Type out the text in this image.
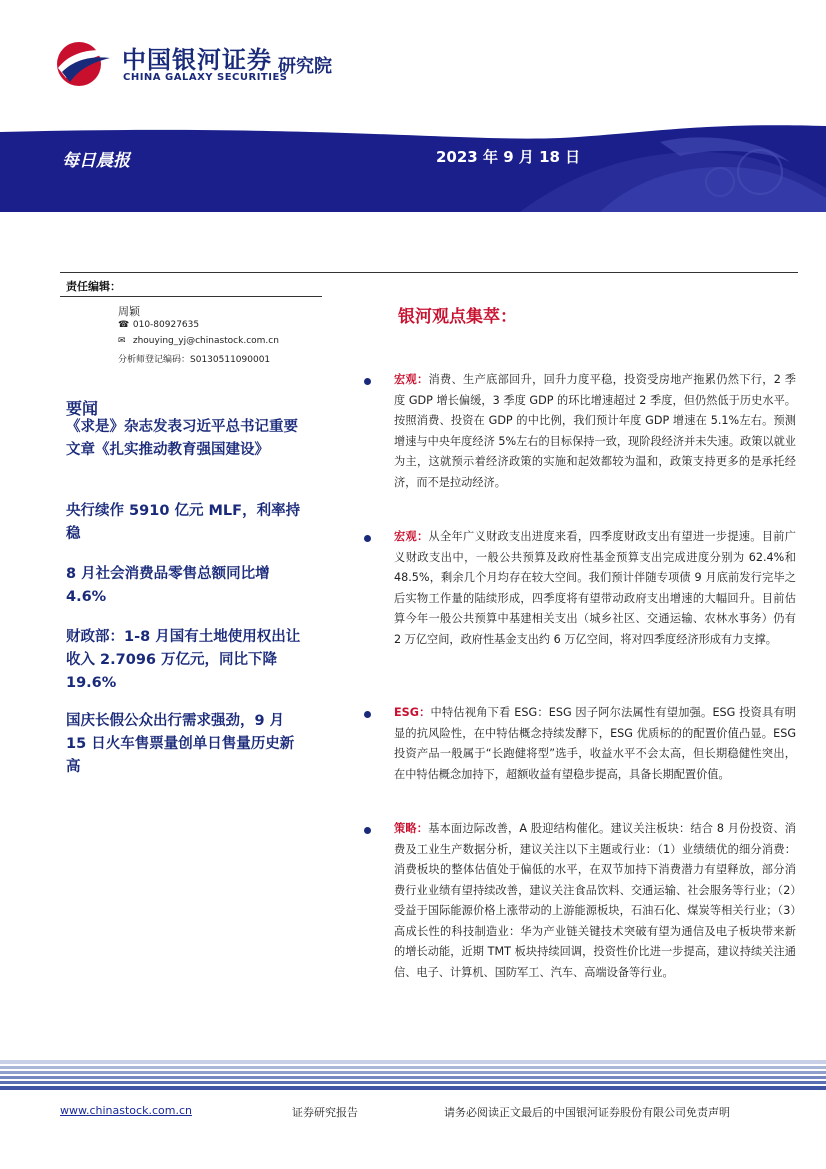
中国银河证券
CHINA GALAXY SECURITIES
研究院
每日晨报	2023 年 9 月 18 日
责任编辑：
周颖
☎ 010-80927635
✉ zhouying_yj@chinastock.com.cn
分析师登记编码：S0130511090001
要闻
《求是》杂志发表习近平总书记重要文章《扎实推动教育强国建设》
央行续作 5910 亿元 MLF，利率持稳
8 月社会消费品零售总额同比增 4.6%
财政部：1-8 月国有土地使用权出让收入 2.7096 万亿元，同比下降 19.6%
国庆长假公众出行需求强劲，9 月 15 日火车售票量创单日售量历史新高
银河观点集萃：
宏观：消费、生产底部回升，回升力度平稳，投资受房地产拖累仍然下行，2 季度 GDP 增长偏缓，3 季度 GDP 的环比增速超过 2 季度，但仍然低于历史水平。按照消费、投资在 GDP 的中比例，我们预计年度 GDP 增速在 5.1%左右。预测增速与中央年度经济 5%左右的目标保持一致，现阶段经济并未失速。政策以就业为主，这就预示着经济政策的实施和起效都较为温和，政策支持更多的是承托经济，而不是拉动经济。
宏观：从全年广义财政支出进度来看，四季度财政支出有望进一步提速。目前广义财政支出中，一般公共预算及政府性基金预算支出完成进度分别为 62.4%和 48.5%，剩余几个月均存在较大空间。我们预计伴随专项债 9 月底前发行完毕之后实物工作量的陆续形成，四季度将有望带动政府支出增速的大幅回升。目前估算今年一般公共预算中基建相关支出（城乡社区、交通运输、农林水事务）仍有 2 万亿空间，政府性基金支出约 6 万亿空间，将对四季度经济形成有力支撑。
ESG：中特估视角下看 ESG：ESG 因子阿尔法属性有望加强。ESG 投资具有明显的抗风险性，在中特估概念持续发酵下，ESG 优质标的的配置价值凸显。ESG 投资产品一般属于“长跑健将型”选手，收益水平不会太高，但长期稳健性突出，在中特估概念加持下，超额收益有望稳步提高，具备长期配置价值。
策略：基本面边际改善，A 股迎结构催化。建议关注板块：结合 8 月份投资、消费及工业生产数据分析，建议关注以下主题或行业：（1）业绩绩优的细分消费：消费板块的整体估值处于偏低的水平，在双节加持下消费潜力有望释放，部分消费行业业绩有望持续改善，建议关注食品饮料、交通运输、社会服务等行业；（2）受益于国际能源价格上涨带动的上游能源板块，石油石化、煤炭等相关行业；（3）高成长性的科技制造业：华为产业链关键技术突破有望为通信及电子板块带来新的增长动能，近期 TMT 板块持续回调，投资性价比进一步提高，建议持续关注通信、电子、计算机、国防军工、汽车、高端设备等行业。
www.chinastock.com.cn	证券研究报告	请务必阅读正文最后的中国银河证券股份有限公司免责声明
